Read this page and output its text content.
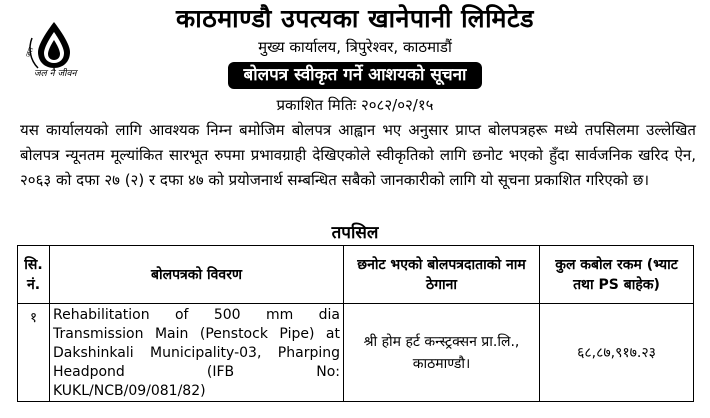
जल
जल नै जीवन
काठमाण्डौ उपत्यका खानेपानी लिमिटेड
मुख्य कार्यालय, त्रिपुरेश्वर, काठमाडौं
बोलपत्र स्वीकृत गर्ने आशयको सूचना
प्रकाशित मितिः २०८२/०२/१५
यस कार्यालयको लागि आवश्यक निम्न बमोजिम बोलपत्र आह्वान भए अनुसार प्राप्त बोलपत्रहरू मध्ये तपसिलमा उल्लेखित बोलपत्र न्यूनतम मूल्यांकित सारभूत रुपमा प्रभावग्राही देखिएकोले स्वीकृतिको लागि छनोट भएको हुँदा सार्वजनिक खरिद ऐन, २०६३ को दफा २७ (२) र दफा ४७ को प्रयोजनार्थ सम्बन्धित सबैको जानकारीको लागि यो सूचना प्रकाशित गरिएको छ।
तपसिल
सि. नं.	बोलपत्रको विवरण	छनोट भएको बोलपत्रदाताको नाम ठेगाना	कुल कबोल रकम (भ्याट तथा PS बाहेक)
१	Rehabilitation of 500 mm dia Transmission Main (Penstock Pipe) at Dakshinkali Municipality-03, Pharping Headpond (IFB No: KUKL/NCB/09/081/82)	श्री होम हर्ट कन्स्ट्रक्सन प्रा.लि., काठमाण्डौ।	६८,८७,९१७.२३
